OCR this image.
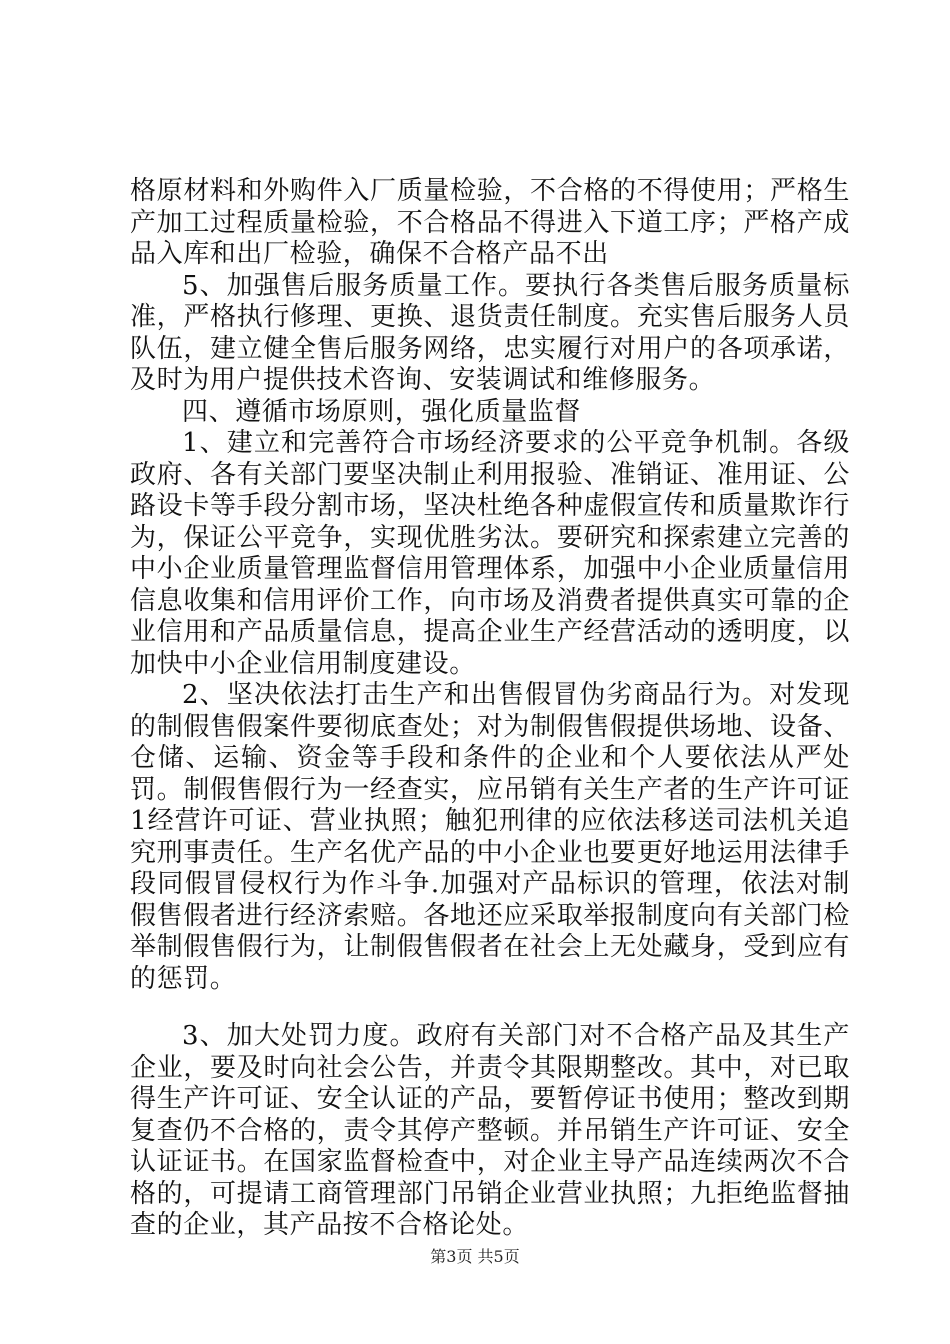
格原材料和外购件入厂质量检验，不合格的不得使用；严格生产加工过程质量检验，不合格品不得进入下道工序；严格产成品入库和出厂检验，确保不合格产品不出

5、加强售后服务质量工作。要执行各类售后服务质量标准，严格执行修理、更换、退货责任制度。充实售后服务人员队伍，建立健全售后服务网络，忠实履行对用户的各项承诺，及时为用户提供技术咨询、安装调试和维修服务。

四、遵循市场原则，强化质量监督

1、建立和完善符合市场经济要求的公平竞争机制。各级政府、各有关部门要坚决制止利用报验、准销证、准用证、公路设卡等手段分割市场，坚决杜绝各种虚假宣传和质量欺诈行为，保证公平竞争，实现优胜劣汰。要研究和探索建立完善的中小企业质量管理监督信用管理体系，加强中小企业质量信用信息收集和信用评价工作，向市场及消费者提供真实可靠的企业信用和产品质量信息，提高企业生产经营活动的透明度，以加快中小企业信用制度建设。

2、坚决依法打击生产和出售假冒伪劣商品行为。对发现的制假售假案件要彻底查处；对为制假售假提供场地、设备、仓储、运输、资金等手段和条件的企业和个人要依法从严处罚。制假售假行为一经查实，应吊销有关生产者的生产许可证1经营许可证、营业执照；触犯刑律的应依法移送司法机关追究刑事责任。生产名优产品的中小企业也要更好地运用法律手段同假冒侵权行为作斗争.加强对产品标识的管理，依法对制假售假者进行经济索赔。各地还应采取举报制度向有关部门检举制假售假行为，让制假售假者在社会上无处藏身，受到应有的惩罚。

3、加大处罚力度。政府有关部门对不合格产品及其生产企业，要及时向社会公告，并责令其限期整改。其中，对已取得生产许可证、安全认证的产品，要暂停证书使用；整改到期复查仍不合格的，责令其停产整顿。并吊销生产许可证、安全认证证书。在国家监督检查中，对企业主导产品连续两次不合格的，可提请工商管理部门吊销企业营业执照；九拒绝监督抽查的企业，其产品按不合格论处。

第3页 共5页
